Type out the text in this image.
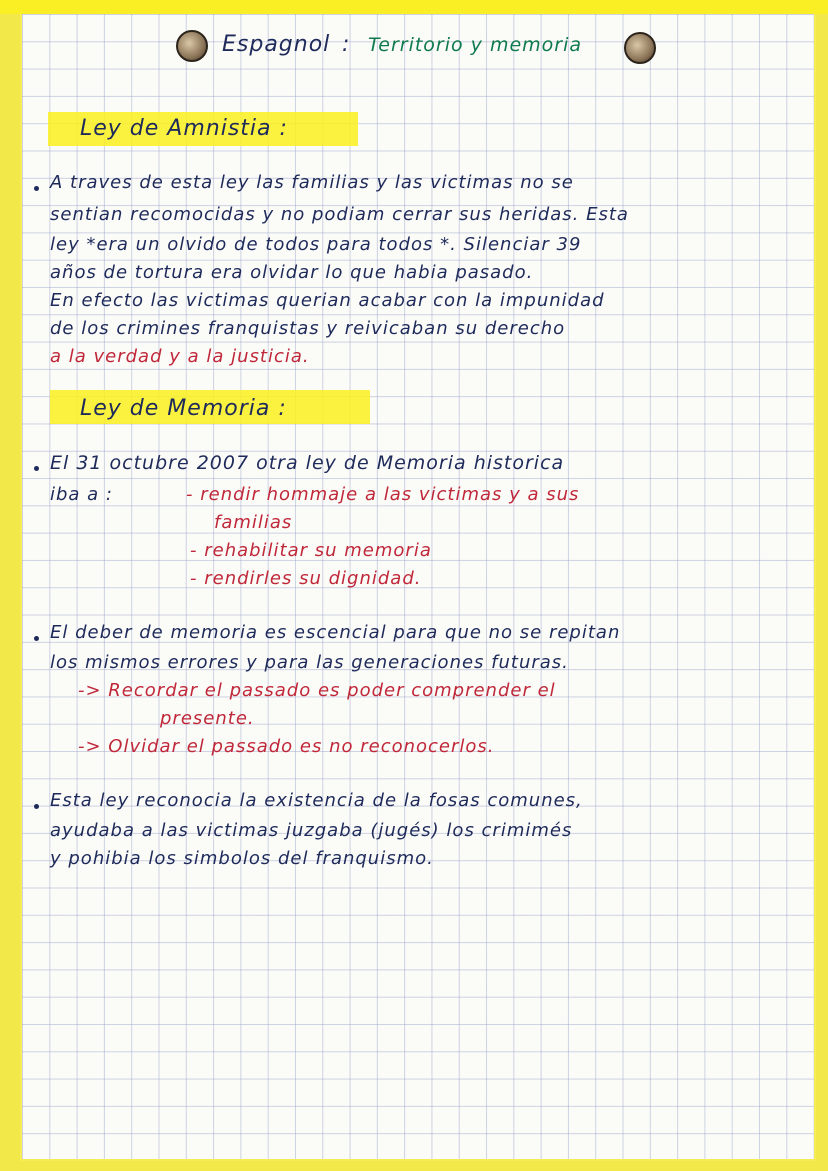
Espagnol : Territorio y memoria
Ley de Amnistia :
A traves de esta ley las familias y las victimas no se
sentian recomocidas y no podiam cerrar sus heridas. Esta
ley *era un olvido de todos para todos *. Silenciar 39
años de tortura era olvidar lo que habia pasado.
En efecto las victimas querian acabar con la impunidad
de los crimines franquistas y reivicaban su derecho
a la verdad y a la justicia.
Ley de Memoria :
El 31 octubre 2007 otra ley de Memoria historica
iba a :	- rendir hommaje a las victimas y a sus
familias
- rehabilitar su memoria
- rendirles su dignidad.
El deber de memoria es escencial para que no se repitan
los mismos errores y para las generaciones futuras.
-> Recordar el passado es poder comprender el
presente.
-> Olvidar el passado es no reconocerlos.
Esta ley reconocia la existencia de la fosas comunes,
ayudaba a las victimas juzgaba (jugés) los crimimés
y pohibia los simbolos del franquismo.
